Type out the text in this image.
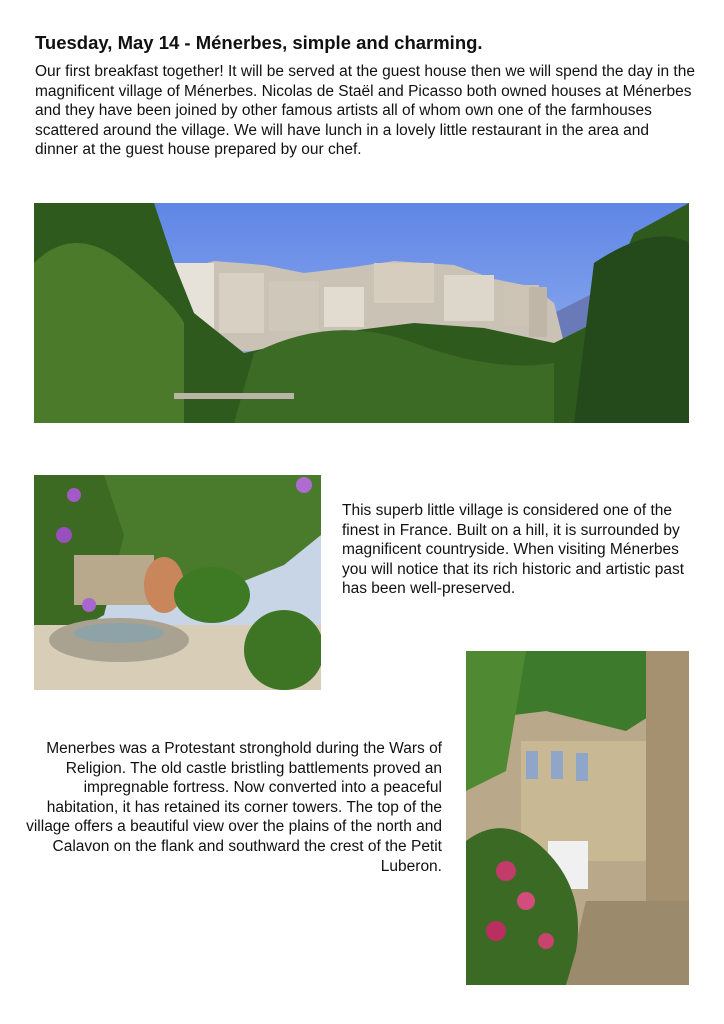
Tuesday, May 14 - Ménerbes, simple and charming.

Our first breakfast together! It will be served at the guest house then we will spend the day in the magnificent village of Ménerbes. Nicolas de Staël and Picasso both owned houses at Ménerbes and they have been joined by other famous artists all of whom own one of the farmhouses scattered around the village. We will have lunch in a lovely little restaurant in the area and dinner at the guest house prepared by our chef.

This superb little village is considered one of the finest in France. Built on a hill, it is surrounded by magnificent countryside. When visiting Ménerbes you will notice that its rich historic and artistic past has been well-preserved.

Menerbes was a Protestant stronghold during the Wars of Religion. The old castle bristling battlements proved an impregnable fortress. Now converted into a peaceful habitation, it has retained its corner towers. The top of the village offers a beautiful view over the plains of the north and Calavon on the flank and southward the crest of the Petit Luberon.
